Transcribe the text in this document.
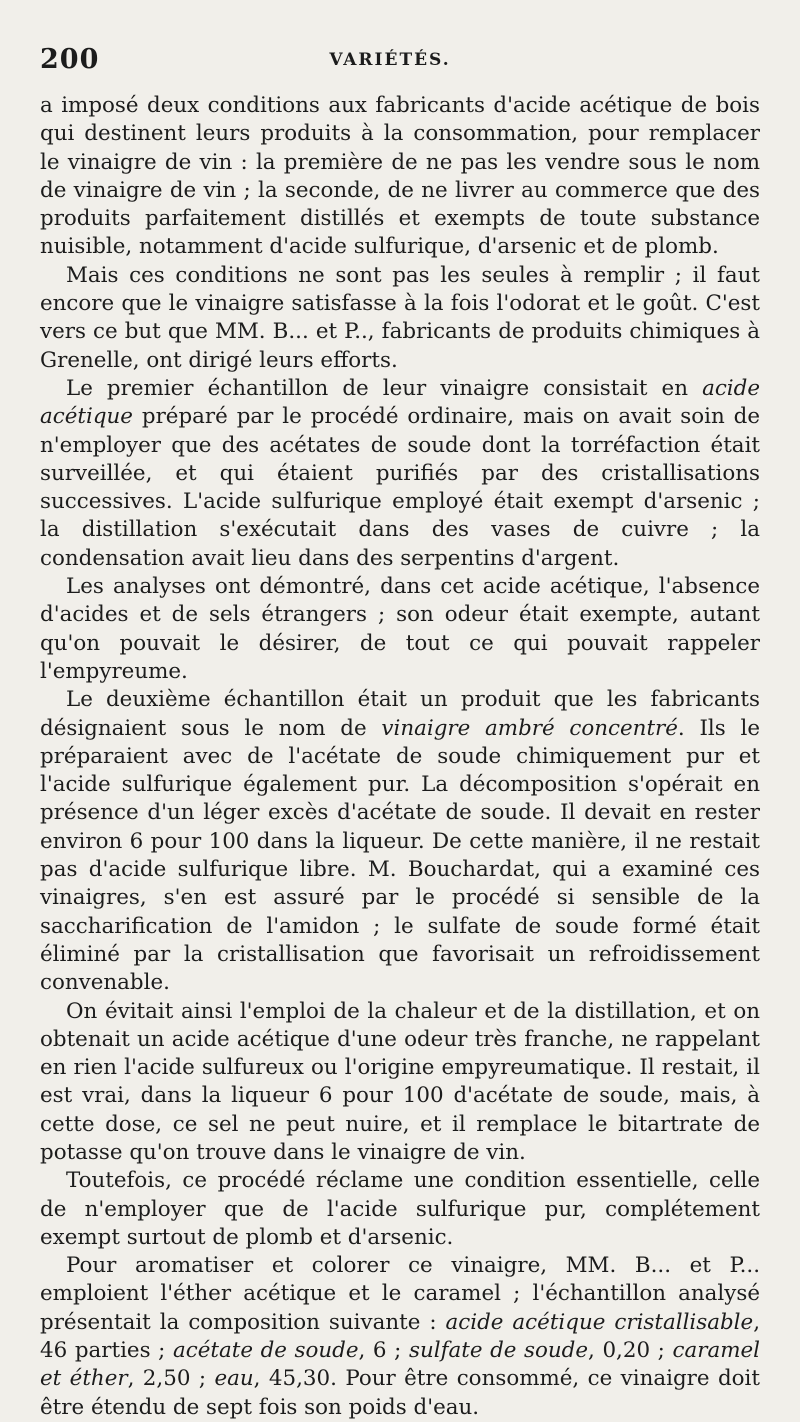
200	VARIÉTÉS.

a imposé deux conditions aux fabricants d'acide acétique de bois qui destinent leurs produits à la consommation, pour remplacer le vinaigre de vin : la première de ne pas les vendre sous le nom de vinaigre de vin ; la seconde, de ne livrer au commerce que des produits parfaitement distillés et exempts de toute substance nuisible, notamment d'acide sulfurique, d'arsenic et de plomb.

Mais ces conditions ne sont pas les seules à remplir ; il faut encore que le vinaigre satisfasse à la fois l'odorat et le goût. C'est vers ce but que MM. B... et P.., fabricants de produits chimiques à Grenelle, ont dirigé leurs efforts.

Le premier échantillon de leur vinaigre consistait en acide acétique préparé par le procédé ordinaire, mais on avait soin de n'employer que des acétates de soude dont la torréfaction était surveillée, et qui étaient purifiés par des cristallisations successives. L'acide sulfurique employé était exempt d'arsenic ; la distillation s'exécutait dans des vases de cuivre ; la condensation avait lieu dans des serpentins d'argent.

Les analyses ont démontré, dans cet acide acétique, l'absence d'acides et de sels étrangers ; son odeur était exempte, autant qu'on pouvait le désirer, de tout ce qui pouvait rappeler l'empyreume.

Le deuxième échantillon était un produit que les fabricants désignaient sous le nom de vinaigre ambré concentré. Ils le préparaient avec de l'acétate de soude chimiquement pur et l'acide sulfurique également pur. La décomposition s'opérait en présence d'un léger excès d'acétate de soude. Il devait en rester environ 6 pour 100 dans la liqueur. De cette manière, il ne restait pas d'acide sulfurique libre. M. Bouchardat, qui a examiné ces vinaigres, s'en est assuré par le procédé si sensible de la saccharification de l'amidon ; le sulfate de soude formé était éliminé par la cristallisation que favorisait un refroidissement convenable.

On évitait ainsi l'emploi de la chaleur et de la distillation, et on obtenait un acide acétique d'une odeur très franche, ne rappelant en rien l'acide sulfureux ou l'origine empyreumatique. Il restait, il est vrai, dans la liqueur 6 pour 100 d'acétate de soude, mais, à cette dose, ce sel ne peut nuire, et il remplace le bitartrate de potasse qu'on trouve dans le vinaigre de vin.

Toutefois, ce procédé réclame une condition essentielle, celle de n'employer que de l'acide sulfurique pur, complétement exempt surtout de plomb et d'arsenic.

Pour aromatiser et colorer ce vinaigre, MM. B... et P... emploient l'éther acétique et le caramel ; l'échantillon analysé présentait la composition suivante : acide acétique cristallisable, 46 parties ; acétate de soude, 6 ; sulfate de soude, 0,20 ; caramel et éther, 2,50 ; eau, 45,30. Pour être consommé, ce vinaigre doit être étendu de sept fois son poids d'eau.
